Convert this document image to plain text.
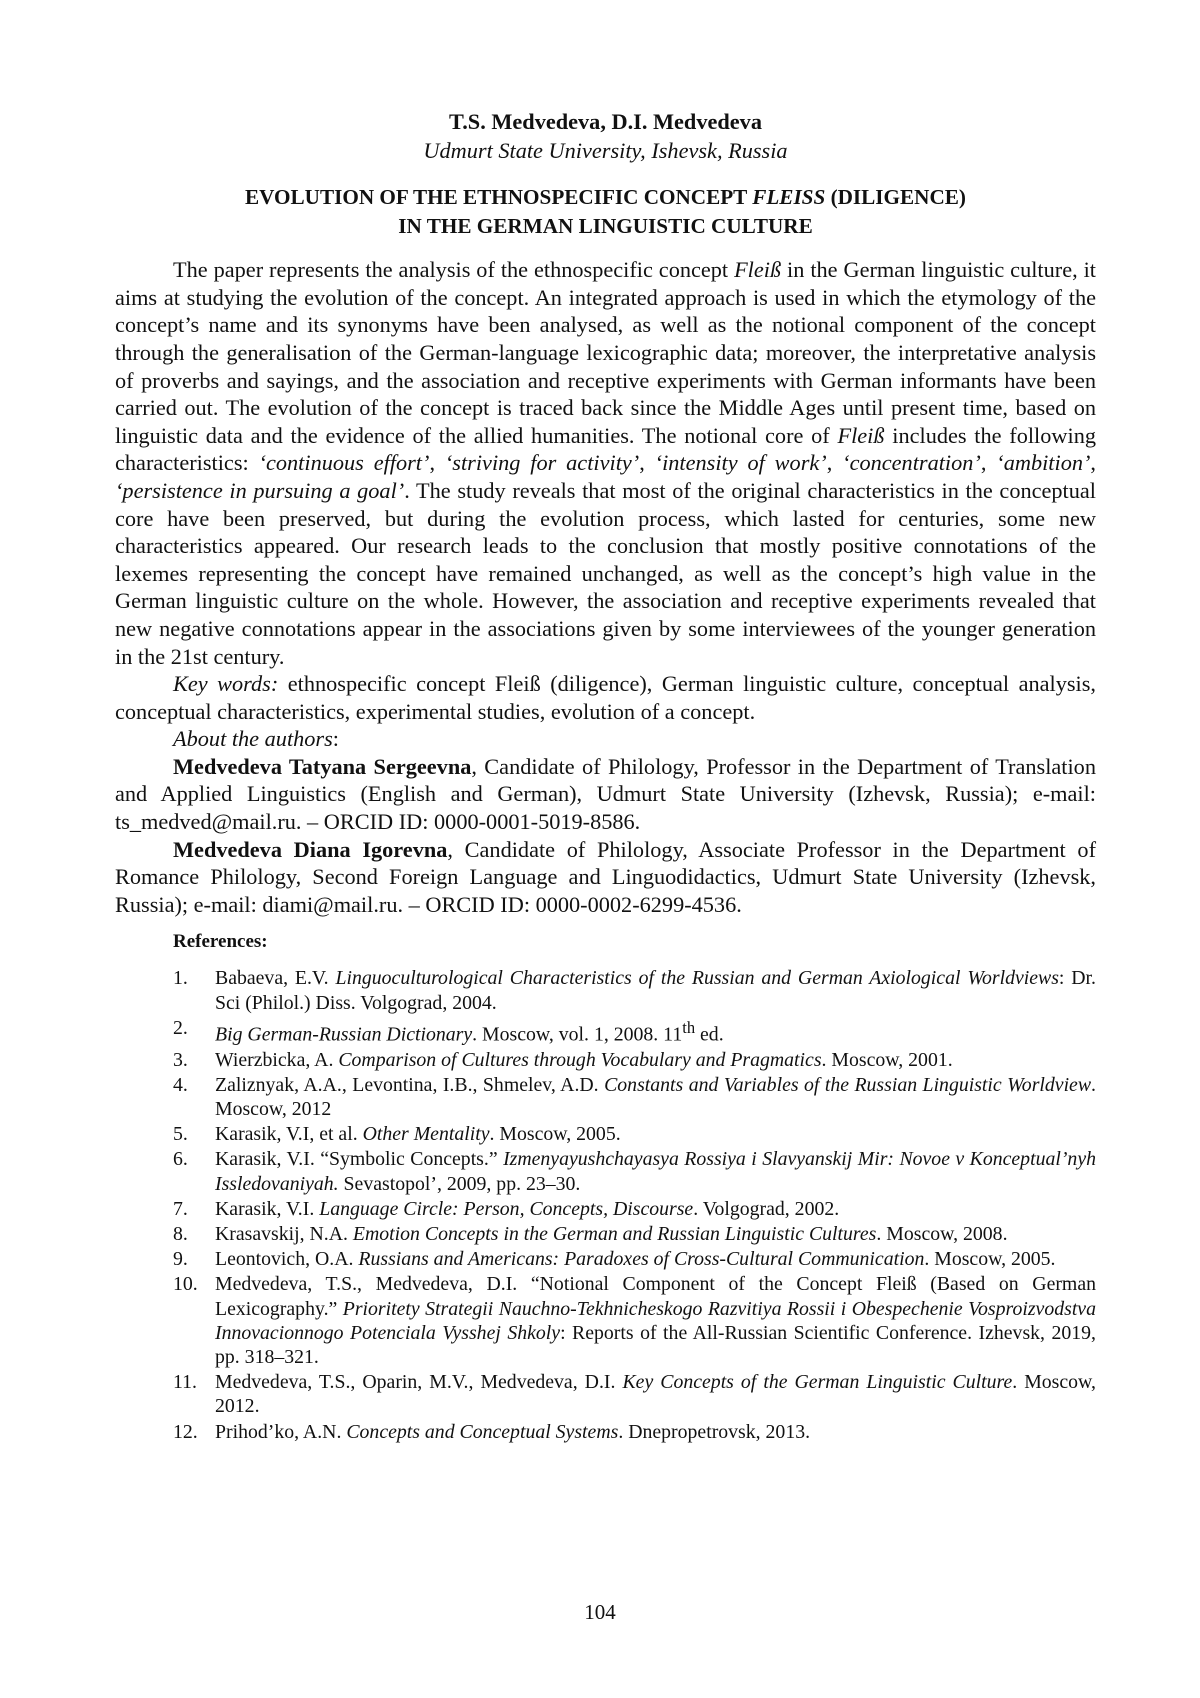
T.S. Medvedeva, D.I. Medvedeva

Udmurt State University, Ishevsk, Russia

EVOLUTION OF THE ETHNOSPECIFIC CONCEPT FLEISS (DILIGENCE)
IN THE GERMAN LINGUISTIC CULTURE

The paper represents the analysis of the ethnospecific concept Fleiß in the German linguistic culture, it aims at studying the evolution of the concept. An integrated approach is used in which the etymology of the concept’s name and its synonyms have been analysed, as well as the notional component of the concept through the generalisation of the German-language lexicographic data; moreover, the interpretative analysis of proverbs and sayings, and the association and receptive experiments with German informants have been carried out. The evolution of the concept is traced back since the Middle Ages until present time, based on linguistic data and the evidence of the allied humanities. The notional core of Fleiß includes the following characteristics: ‘continuous effort’, ‘striving for activity’, ‘intensity of work’, ‘concentration’, ‘ambition’, ‘persistence in pursuing a goal’. The study reveals that most of the original characteristics in the conceptual core have been preserved, but during the evolution process, which lasted for centuries, some new characteristics appeared. Our research leads to the conclusion that mostly positive connotations of the lexemes representing the concept have remained unchanged, as well as the concept’s high value in the German linguistic culture on the whole. However, the association and receptive experiments revealed that new negative connotations appear in the associations given by some interviewees of the younger generation in the 21st century.

Key words: ethnospecific concept Fleiß (diligence), German linguistic culture, conceptual analysis, conceptual characteristics, experimental studies, evolution of a concept.

About the authors:

Medvedeva Tatyana Sergeevna, Candidate of Philology, Professor in the Department of Translation and Applied Linguistics (English and German), Udmurt State University (Izhevsk, Russia); e-mail: ts_medved@mail.ru. – ORCID ID: 0000-0001-5019-8586.

Medvedeva Diana Igorevna, Candidate of Philology, Associate Professor in the Department of Romance Philology, Second Foreign Language and Linguodidactics, Udmurt State University (Izhevsk, Russia); e-mail: diami@mail.ru. – ORCID ID: 0000-0002-6299-4536.

References:
1. Babaeva, E.V. Linguoculturological Characteristics of the Russian and German Axiological Worldviews: Dr. Sci (Philol.) Diss. Volgograd, 2004.
2. Big German-Russian Dictionary. Moscow, vol. 1, 2008. 11th ed.
3. Wierzbicka, A. Comparison of Cultures through Vocabulary and Pragmatics. Moscow, 2001.
4. Zaliznyak, A.A., Levontina, I.B., Shmelev, A.D. Constants and Variables of the Russian Linguistic Worldview. Moscow, 2012
5. Karasik, V.I, et al. Other Mentality. Moscow, 2005.
6. Karasik, V.I. “Symbolic Concepts.” Izmenyayushchayasya Rossiya i Slavyanskij Mir: Novoe v Konceptual’nyh Issledovaniyah. Sevastopol’, 2009, pp. 23–30.
7. Karasik, V.I. Language Circle: Person, Concepts, Discourse. Volgograd, 2002.
8. Krasavskij, N.A. Emotion Concepts in the German and Russian Linguistic Cultures. Moscow, 2008.
9. Leontovich, O.A. Russians and Americans: Paradoxes of Cross-Cultural Communication. Moscow, 2005.
10. Medvedeva, T.S., Medvedeva, D.I. “Notional Component of the Concept Fleiß (Based on German Lexicography.” Prioritety Strategii Nauchno-Tekhnicheskogo Razvitiya Rossii i Obespechenie Vosproizvodstva Innovacionnogo Potenciala Vysshej Shkoly: Reports of the All-Russian Scientific Conference. Izhevsk, 2019, pp. 318–321.
11. Medvedeva, T.S., Oparin, M.V., Medvedeva, D.I. Key Concepts of the German Linguistic Culture. Moscow, 2012.
12. Prihod’ko, A.N. Concepts and Conceptual Systems. Dnepropetrovsk, 2013.
104
